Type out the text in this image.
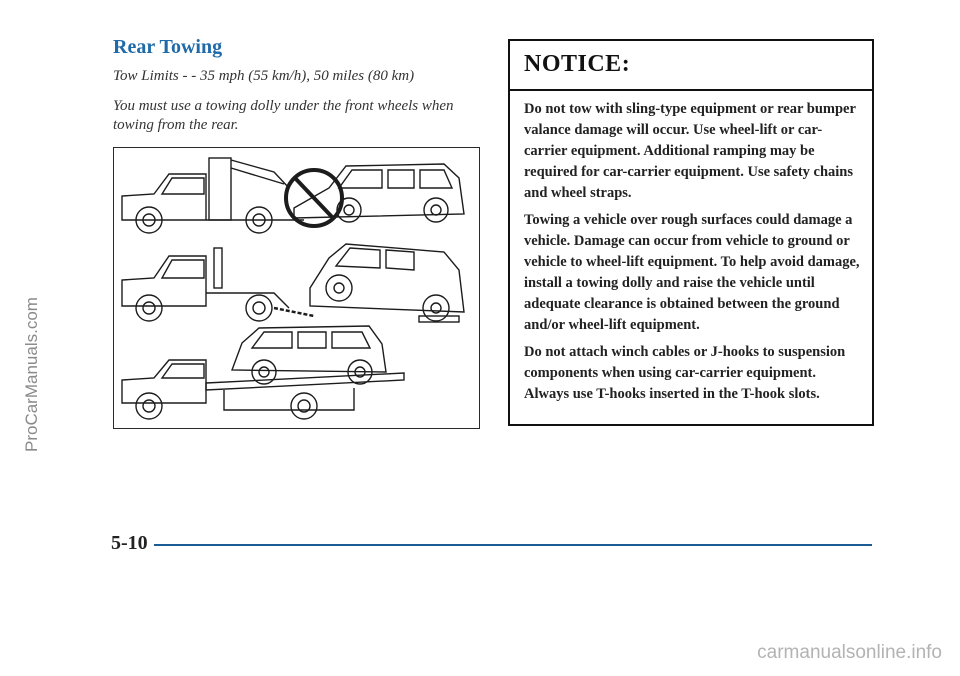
ProCarManuals.com
Rear Towing
Tow Limits - - 35 mph (55 km/h), 50 miles (80 km)
You must use a towing dolly under the front wheels when towing from the rear.
NOTICE:

Do not tow with sling-type equipment or rear bumper valance damage will occur. Use wheel-lift or car-carrier equipment. Additional ramping may be required for car-carrier equipment. Use safety chains and wheel straps.

Towing a vehicle over rough surfaces could damage a vehicle. Damage can occur from vehicle to ground or vehicle to wheel-lift equipment. To help avoid damage, install a towing dolly and raise the vehicle until adequate clearance is obtained between the ground and/or wheel-lift equipment.

Do not attach winch cables or J-hooks to suspension components when using car-carrier equipment. Always use T-hooks inserted in the T-hook slots.

5-10
carmanualsonline.info
